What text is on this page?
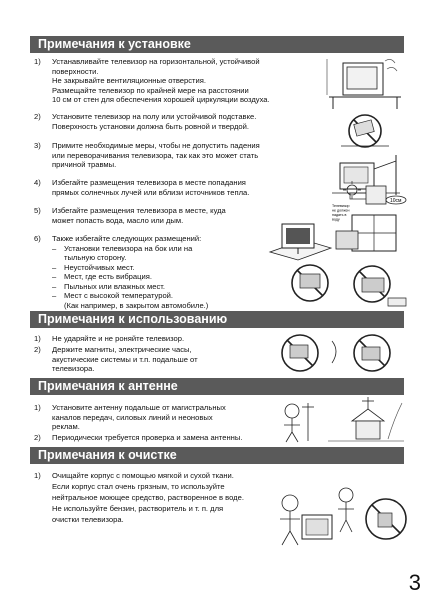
Примечания к установке
1) Устанавливайте телевизор на горизонтальной, устойчивой
поверхности.
Не закрывайте вентиляционные отверстия.
Размещайте телевизор по крайней мере на расстоянии
10 см от стен для обеспечения хорошей циркуляции воздуха.
2) Установите телевизор на полу или устойчивой подставке.
Поверхность установки должна быть ровной и твердой.
3) Примите необходимые меры, чтобы не допустить падения
или переворачивания телевизора, так как это может стать
причиной травмы.
4) Избегайте размещения телевизора в месте попадания
прямых солнечных лучей или вблизи источников тепла.
5) Избегайте размещения телевизора в месте, куда
может попасть вода, масло или дым.
6) Также избегайте следующих размещений:
– Установки телевизора на бок или на
тыльную сторону.
– Неустойчивых мест.
– Мест, где есть вибрация.
– Пыльных или влажных мест.
– Мест с высокой температурой.
(Как например, в закрытом автомобиле.)
10см
Телевизор
не должен
падать в
воду
Примечания к использованию
1) Не ударяйте и не роняйте телевизор.
2) Держите магниты, электрические часы,
акустические системы и т.п. подальше от
телевизора.
Примечания к антенне
1) Установите антенну подальше от магистральных
каналов передач, силовых линий и неоновых
реклам.
2) Периодически требуется проверка и замена антенны.
Примечания к очистке
1) Очищайте корпус с помощью мягкой и сухой ткани.
Если корпус стал очень грязным, то используйте
нейтральное моющее средство, растворенное в воде.
Не используйте бензин, растворитель и т. п. для
очистки телевизора.
3
